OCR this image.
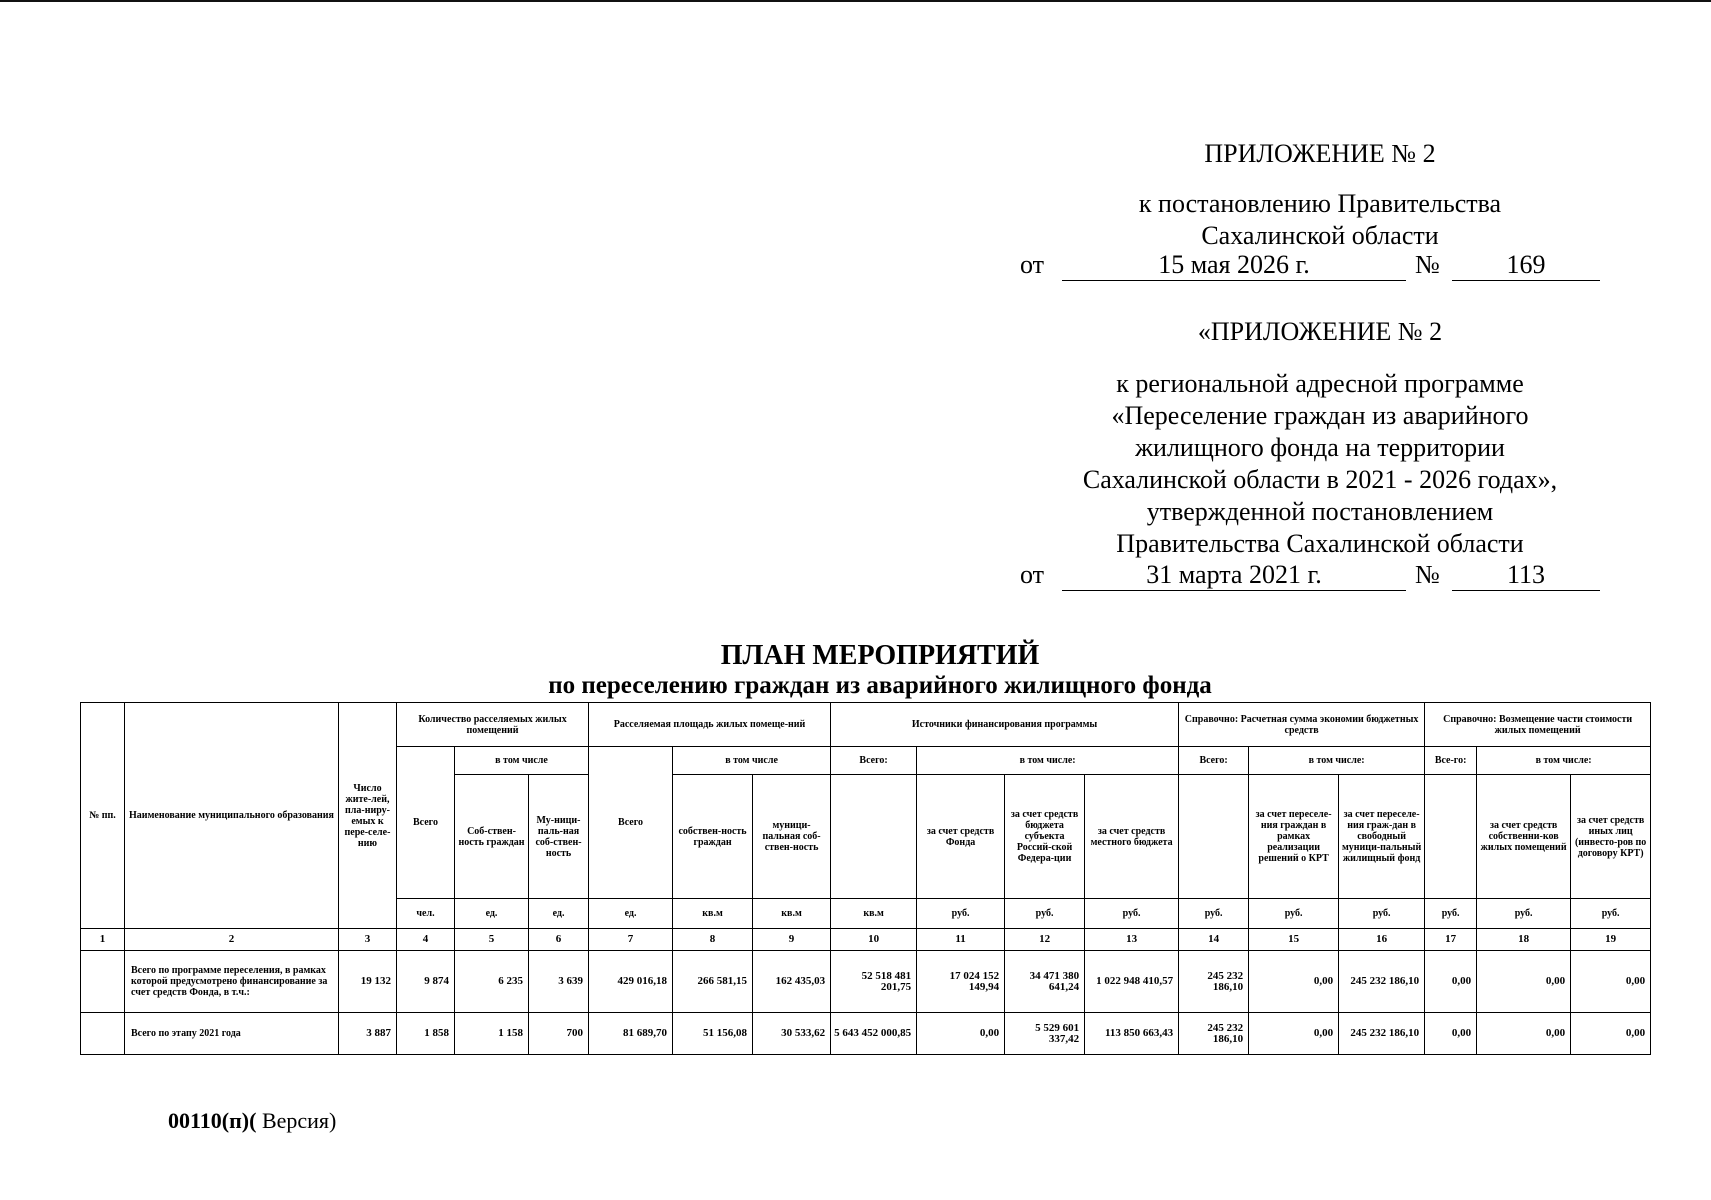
ПРИЛОЖЕНИЕ № 2
к постановлению Правительства
Сахалинской области
от	15 мая 2026 г.	№	169
«ПРИЛОЖЕНИЕ № 2
к региональной адресной программе
«Переселение граждан из аварийного
жилищного фонда на территории
Сахалинской области в 2021 - 2026 годах»,
утвержденной постановлением
Правительства Сахалинской области
от	31 марта 2021 г.	№	113
ПЛАН МЕРОПРИЯТИЙ
по переселению граждан из аварийного жилищного фонда
№ пп.	Наименование муниципального образования	Число жите-лей, пла-ниру-емых к пере-селе-нию	Количество расселяемых жилых помещений			Расселяемая площадь жилых помеще-ний			Источники финансирования программы				Справочно: Расчетная сумма экономии бюджетных средств			Справочно: Возмещение части стоимости жилых помещений			
			Всего	в том числе		Всего	в том числе		Всего:	в том числе:			Всего:	в том числе:		Все-го:	в том числе:		
				Соб-ствен-ность граждан	Му-ници-паль-ная соб-ствен-ность		собствен-ность граждан	муници-пальная соб-ствен-ность		за счет средств Фонда	за счет средств бюджета субъекта Россий-ской Федера-ции	за счет средств местного бюджета		за счет переселе-ния граждан в рамках реализации решений о КРТ	за счет переселе-ния граж-дан в свободный муници-пальный жилищный фонд		за счет средств собственни-ков жилых помещений	за счет средств иных лиц (инвесто-ров по договору КРТ)	
			чел.	ед.	ед.	ед.	кв.м	кв.м	кв.м	руб.	руб.	руб.	руб.	руб.	руб.	руб.	руб.	руб.	
1	2	3	4	5	6	7	8	9	10	11	12	13	14	15	16	17	18	19	
	Всего по программе переселения, в рамках которой предусмотрено финансирование за счет средств Фонда, в т.ч.:	19 132	9 874	6 235	3 639	429 016,18	266 581,15	162 435,03	52 518 481 201,75	17 024 152 149,94	34 471 380 641,24	1 022 948 410,57	245 232 186,10	0,00	245 232 186,10	0,00	0,00	0,00	
	Всего по этапу 2021 года	3 887	1 858	1 158	700	81 689,70	51 156,08	30 533,62	5 643 452 000,85	0,00	5 529 601 337,42	113 850 663,43	245 232 186,10	0,00	245 232 186,10	0,00	0,00	0,00	
00110(п)( Версия)
